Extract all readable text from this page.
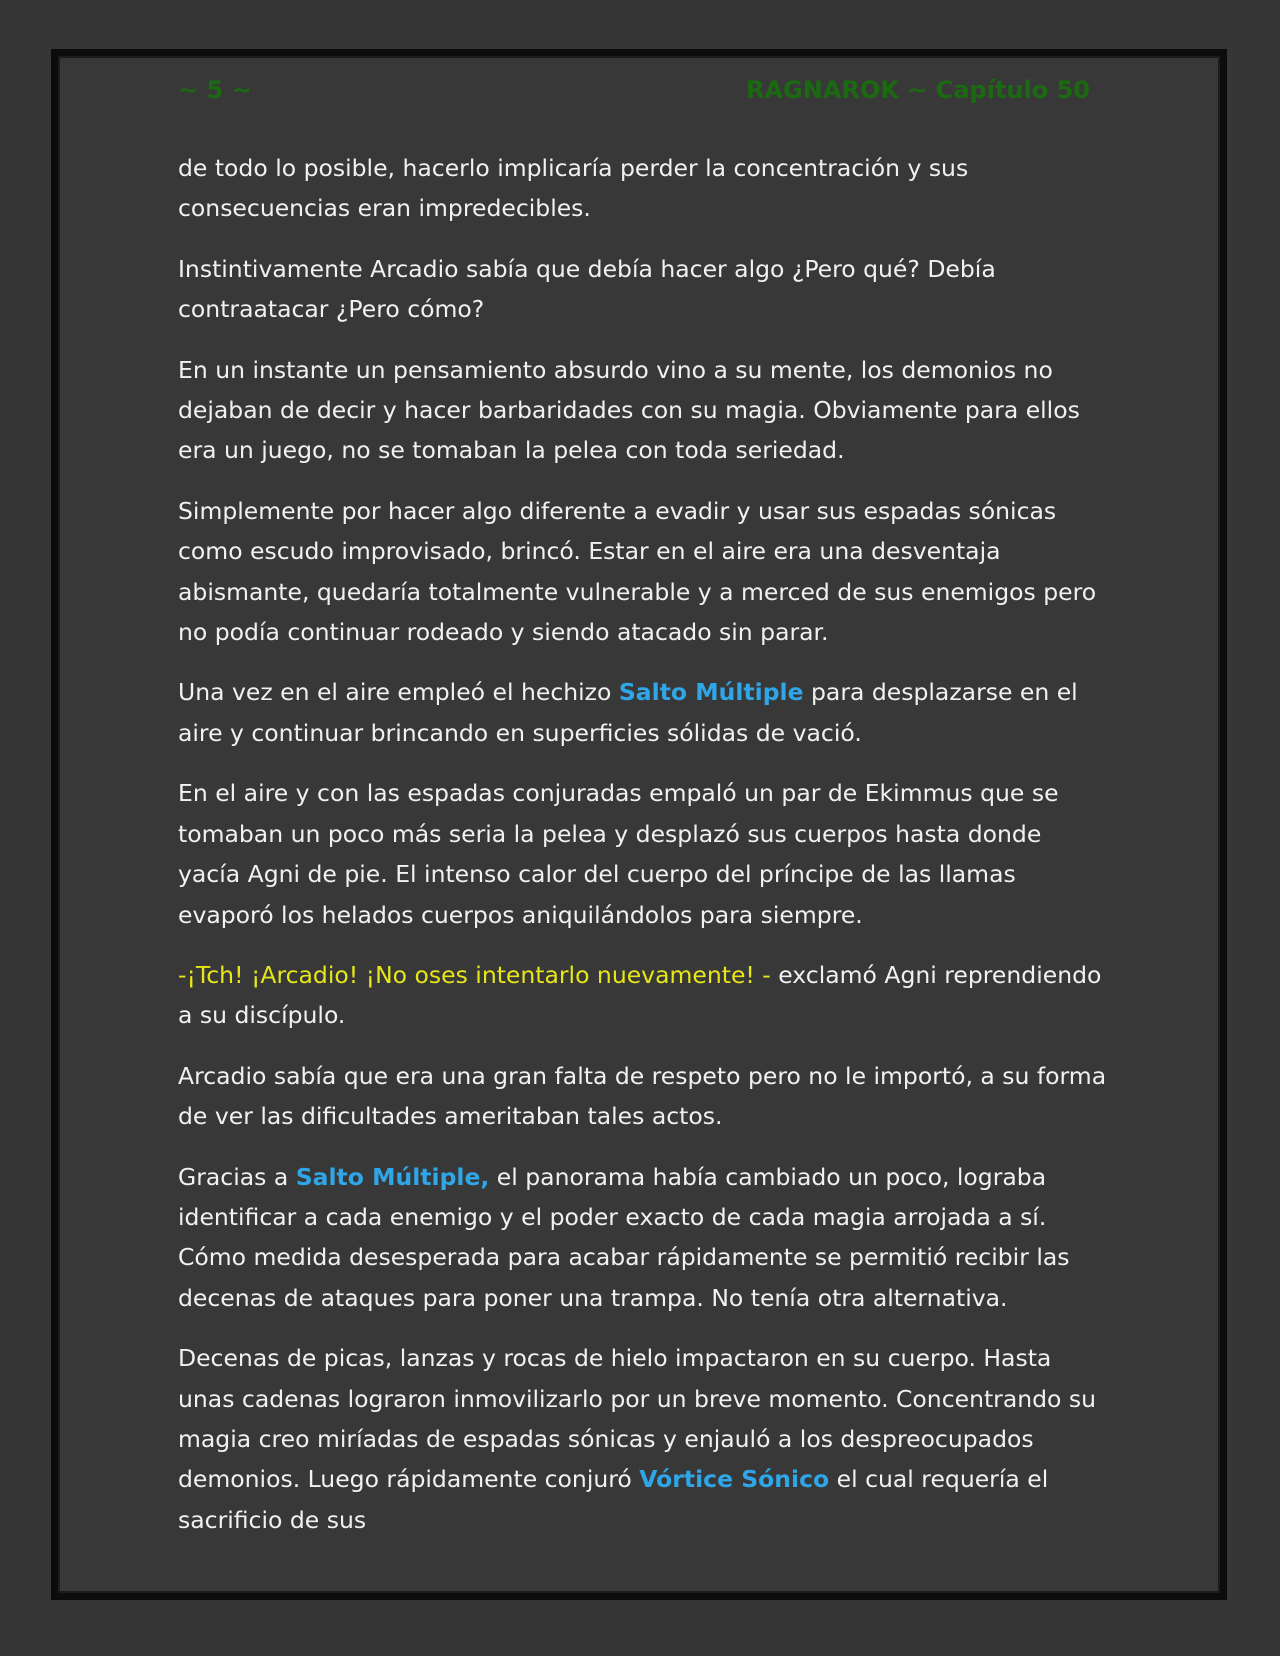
~ 5 ~	RAGNAROK ~ Capítulo 50

de todo lo posible, hacerlo implicaría perder la concentración y sus consecuencias eran impredecibles.

Instintivamente Arcadio sabía que debía hacer algo ¿Pero qué? Debía contraatacar ¿Pero cómo?

En un instante un pensamiento absurdo vino a su mente, los demonios no dejaban de decir y hacer barbaridades con su magia. Obviamente para ellos era un juego, no se tomaban la pelea con toda seriedad.

Simplemente por hacer algo diferente a evadir y usar sus espadas sónicas como escudo improvisado, brincó. Estar en el aire era una desventaja abismante, quedaría totalmente vulnerable y a merced de sus enemigos pero no podía continuar rodeado y siendo atacado sin parar.

Una vez en el aire empleó el hechizo Salto Múltiple para desplazarse en el aire y continuar brincando en superficies sólidas de vació.

En el aire y con las espadas conjuradas empaló un par de Ekimmus que se tomaban un poco más seria la pelea y desplazó sus cuerpos hasta donde yacía Agni de pie. El intenso calor del cuerpo del príncipe de las llamas evaporó los helados cuerpos aniquilándolos para siempre.

-¡Tch! ¡Arcadio! ¡No oses intentarlo nuevamente! - exclamó Agni reprendiendo a su discípulo.

Arcadio sabía que era una gran falta de respeto pero no le importó, a su forma de ver las dificultades ameritaban tales actos.

Gracias a Salto Múltiple, el panorama había cambiado un poco, lograba identificar a cada enemigo y el poder exacto de cada magia arrojada a sí. Cómo medida desesperada para acabar rápidamente se permitió recibir las decenas de ataques para poner una trampa. No tenía otra alternativa.

Decenas de picas, lanzas y rocas de hielo impactaron en su cuerpo. Hasta unas cadenas lograron inmovilizarlo por un breve momento. Concentrando su magia creo miríadas de espadas sónicas y enjauló a los despreocupados demonios. Luego rápidamente conjuró Vórtice Sónico el cual requería el sacrificio de sus
